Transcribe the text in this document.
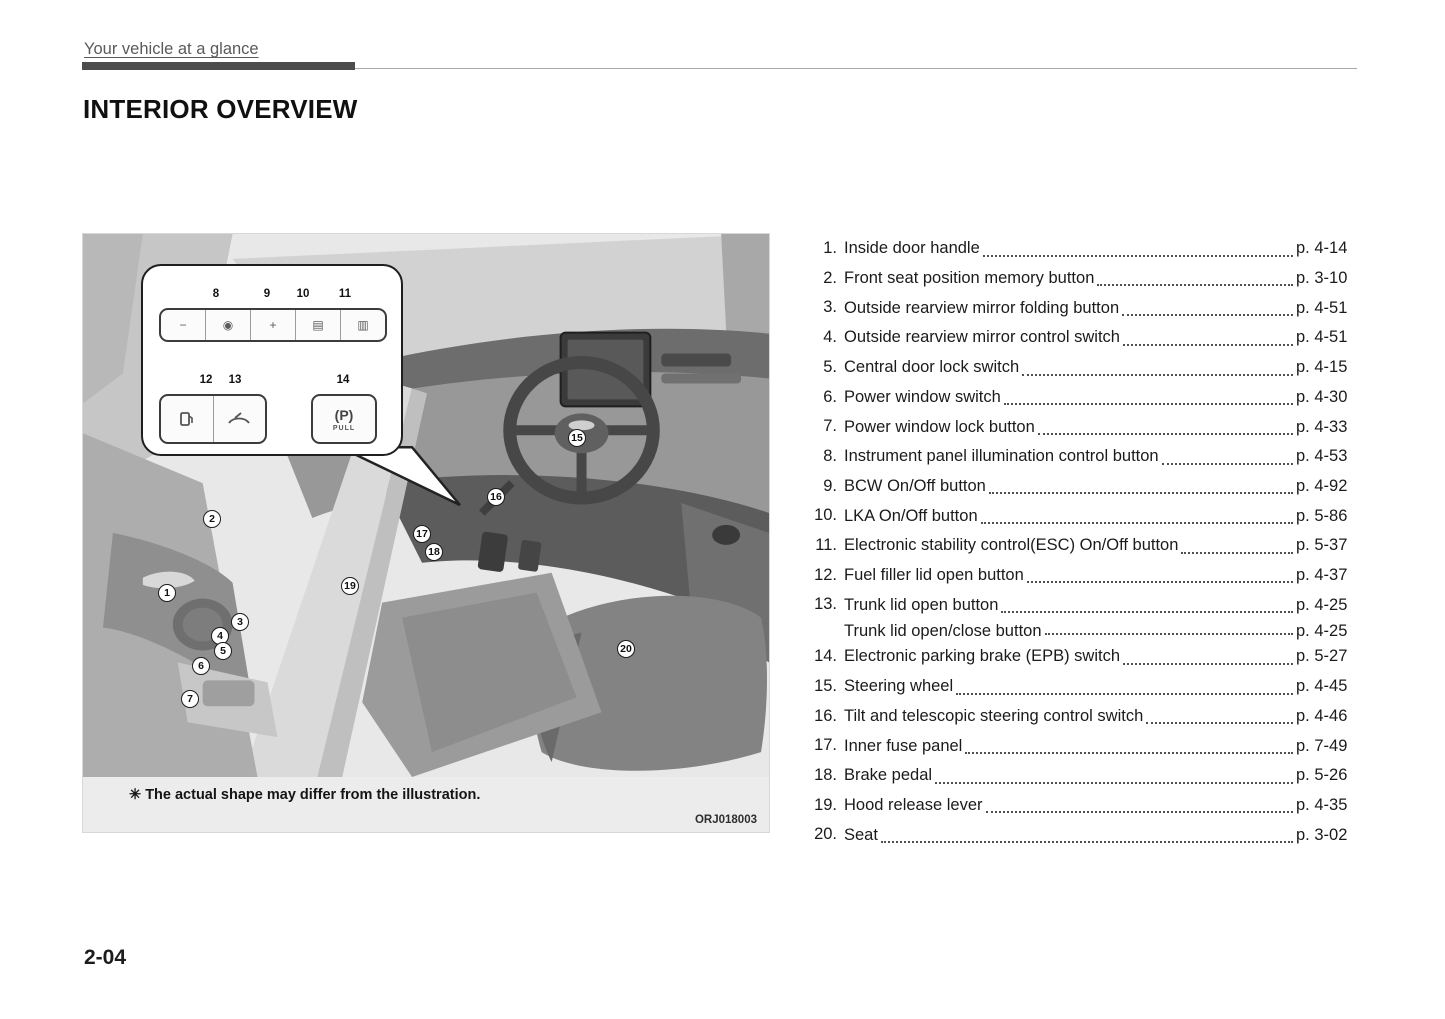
Your vehicle at a glance
INTERIOR OVERVIEW
8	9 10	11
−	◉	+	▤	▥
12 13	14
(P)
PULL
1
2
3
4
5
6
7
15
16
17
18
19
20
✳ The actual shape may differ from the illustration.
ORJ018003
1. Inside door handle	p. 4-14
2. Front seat position memory button	p. 3-10
3. Outside rearview mirror folding button	p. 4-51
4. Outside rearview mirror control switch	p. 4-51
5. Central door lock switch	p. 4-15
6. Power window switch	p. 4-30
7. Power window lock button	p. 4-33
8. Instrument panel illumination control button	p. 4-53
9. BCW On/Off button	p. 4-92
10. LKA On/Off button	p. 5-86
11. Electronic stability control(ESC) On/Off button	p. 5-37
12. Fuel filler lid open button	p. 4-37
13. Trunk lid open button	p. 4-25
Trunk lid open/close button	p. 4-25
14. Electronic parking brake (EPB) switch	p. 5-27
15. Steering wheel	p. 4-45
16. Tilt and telescopic steering control switch	p. 4-46
17. Inner fuse panel	p. 7-49
18. Brake pedal	p. 5-26
19. Hood release lever	p. 4-35
20. Seat	p. 3-02
2-04
